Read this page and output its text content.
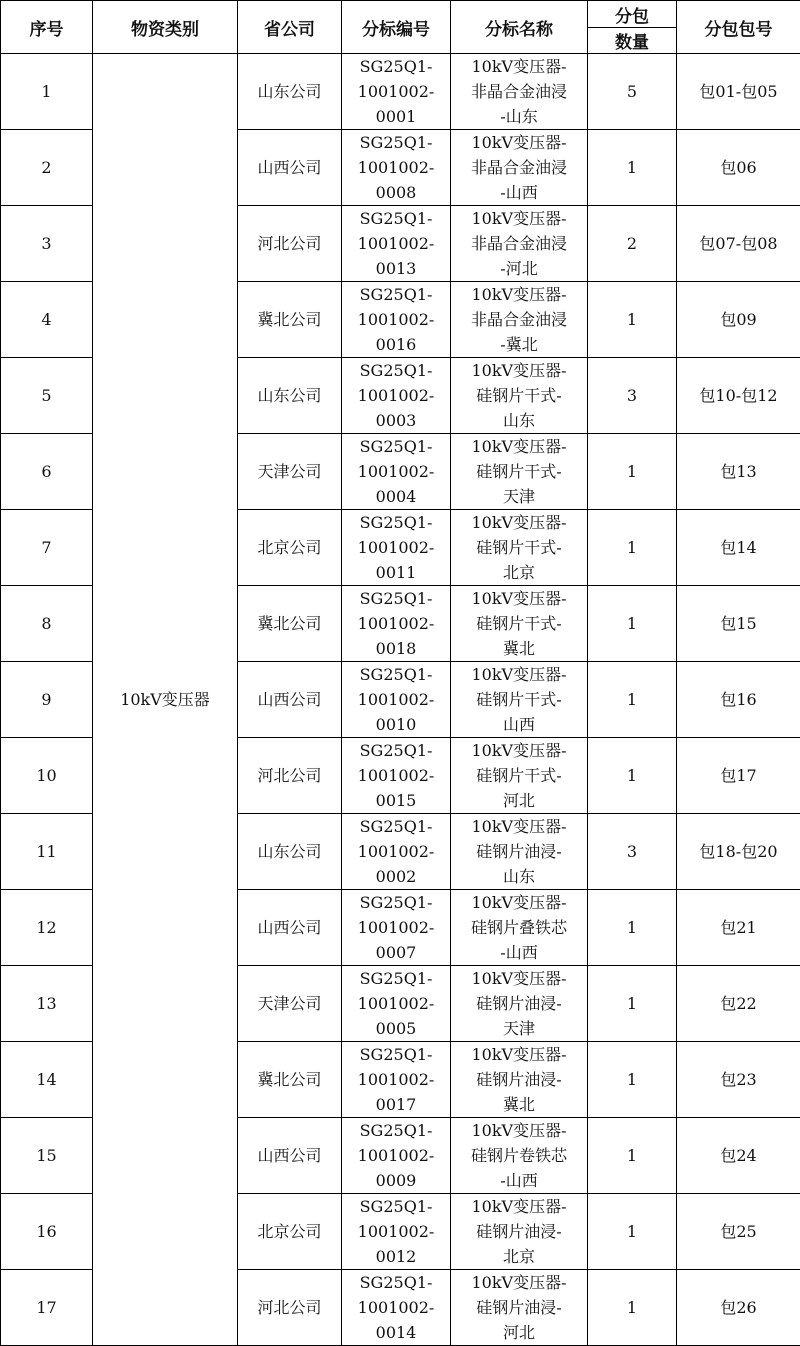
序号	物资类别	省公司	分标编号	分标名称	分包	分包包号
					数量	
1	10kV变压器	山东公司	SG25Q1-
1001002-
0001	10kV变压器-
非晶合金油浸
-山东	5	包01-包05
2		山西公司	SG25Q1-
1001002-
0008	10kV变压器-
非晶合金油浸
-山西	1	包06
3		河北公司	SG25Q1-
1001002-
0013	10kV变压器-
非晶合金油浸
-河北	2	包07-包08
4		冀北公司	SG25Q1-
1001002-
0016	10kV变压器-
非晶合金油浸
-冀北	1	包09
5		山东公司	SG25Q1-
1001002-
0003	10kV变压器-
硅钢片干式-
山东	3	包10-包12
6		天津公司	SG25Q1-
1001002-
0004	10kV变压器-
硅钢片干式-
天津	1	包13
7		北京公司	SG25Q1-
1001002-
0011	10kV变压器-
硅钢片干式-
北京	1	包14
8		冀北公司	SG25Q1-
1001002-
0018	10kV变压器-
硅钢片干式-
冀北	1	包15
9		山西公司	SG25Q1-
1001002-
0010	10kV变压器-
硅钢片干式-
山西	1	包16
10		河北公司	SG25Q1-
1001002-
0015	10kV变压器-
硅钢片干式-
河北	1	包17
11		山东公司	SG25Q1-
1001002-
0002	10kV变压器-
硅钢片油浸-
山东	3	包18-包20
12		山西公司	SG25Q1-
1001002-
0007	10kV变压器-
硅钢片叠铁芯
-山西	1	包21
13		天津公司	SG25Q1-
1001002-
0005	10kV变压器-
硅钢片油浸-
天津	1	包22
14		冀北公司	SG25Q1-
1001002-
0017	10kV变压器-
硅钢片油浸-
冀北	1	包23
15		山西公司	SG25Q1-
1001002-
0009	10kV变压器-
硅钢片卷铁芯
-山西	1	包24
16		北京公司	SG25Q1-
1001002-
0012	10kV变压器-
硅钢片油浸-
北京	1	包25
17		河北公司	SG25Q1-
1001002-
0014	10kV变压器-
硅钢片油浸-
河北	1	包26
